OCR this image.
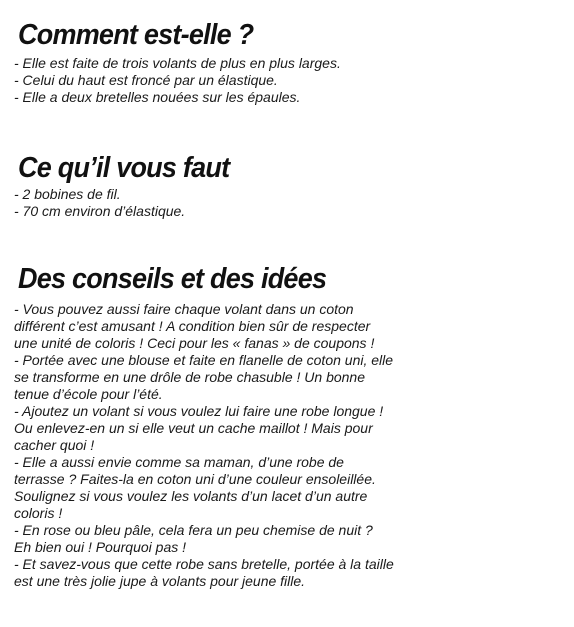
Comment est-elle ?
- Elle est faite de trois volants de plus en plus larges.
- Celui du haut est froncé par un élastique.
- Elle a deux bretelles nouées sur les épaules.
Ce qu’il vous faut
- 2 bobines de fil.
- 70 cm environ d’élastique.
Des conseils et des idées
- Vous pouvez aussi faire chaque volant dans un coton
différent c’est amusant ! A condition bien sûr de respecter
une unité de coloris ! Ceci pour les « fanas » de coupons !
- Portée avec une blouse et faite en flanelle de coton uni, elle
se transforme en une drôle de robe chasuble ! Un bonne
tenue d’école pour l’été.
- Ajoutez un volant si vous voulez lui faire une robe longue !
Ou enlevez-en un si elle veut un cache maillot ! Mais pour
cacher quoi !
- Elle a aussi envie comme sa maman, d’une robe de
terrasse ? Faites-la en coton uni d’une couleur ensoleillée.
Soulignez si vous voulez les volants d’un lacet d’un autre
coloris !
- En rose ou bleu pâle, cela fera un peu chemise de nuit ?
Eh bien oui ! Pourquoi pas !
- Et savez-vous que cette robe sans bretelle, portée à la taille
est une très jolie jupe à volants pour jeune fille.
